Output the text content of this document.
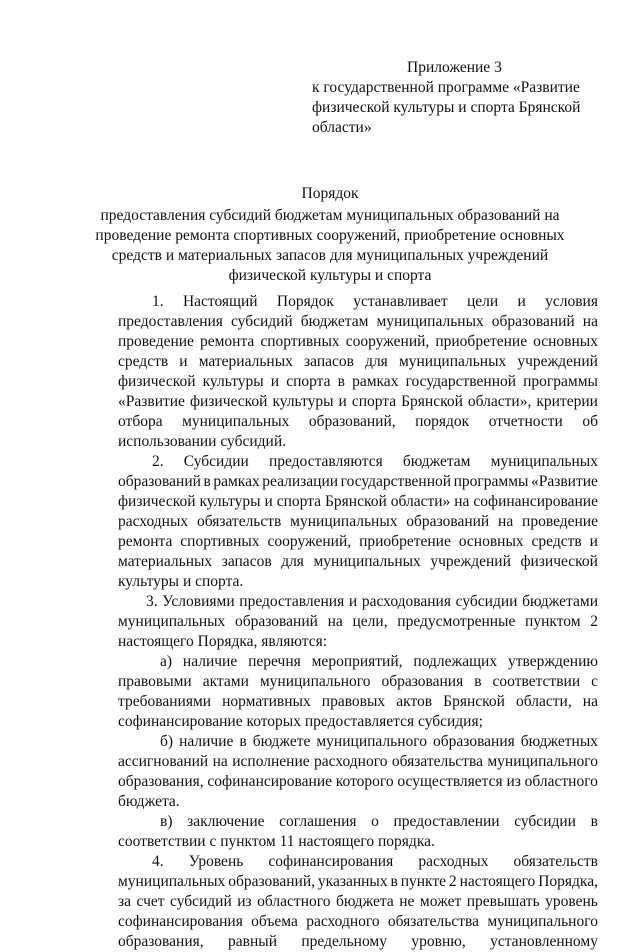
Приложение 3
к государственной программе «Развитие
физической культуры и спорта Брянской
области»
Порядок
предоставления субсидий бюджетам муниципальных образований на
проведение ремонта спортивных сооружений, приобретение основных
средств и материальных запасов для муниципальных учреждений
физической культуры и спорта
1. Настоящий Порядок устанавливает цели и условия
предоставления субсидий бюджетам муниципальных образований на
проведение ремонта спортивных сооружений, приобретение основных
средств и материальных запасов для муниципальных учреждений
физической культуры и спорта в рамках государственной программы
«Развитие физической культуры и спорта Брянской области», критерии
отбора муниципальных образований, порядок отчетности об
использовании субсидий.
2. Субсидии предоставляются бюджетам муниципальных
образований в рамках реализации государственной программы «Развитие
физической культуры и спорта Брянской области» на софинансирование
расходных обязательств муниципальных образований на проведение
ремонта спортивных сооружений, приобретение основных средств и
материальных запасов для муниципальных учреждений физической
культуры и спорта.
3. Условиями предоставления и расходования субсидии бюджетами
муниципальных образований на цели, предусмотренные пунктом 2
настоящего Порядка, являются:
а) наличие перечня мероприятий, подлежащих утверждению
правовыми актами муниципального образования в соответствии с
требованиями нормативных правовых актов Брянской области, на
софинансирование которых предоставляется субсидия;
б) наличие в бюджете муниципального образования бюджетных
ассигнований на исполнение расходного обязательства муниципального
образования, софинансирование которого осуществляется из областного
бюджета.
в) заключение соглашения о предоставлении субсидии в
соответствии с пунктом 11 настоящего порядка.
4. Уровень софинансирования расходных обязательств
муниципальных образований, указанных в пункте 2 настоящего Порядка,
за счет субсидий из областного бюджета не может превышать уровень
софинансирования объема расходного обязательства муниципального
образования, равный предельному уровню, установленному
